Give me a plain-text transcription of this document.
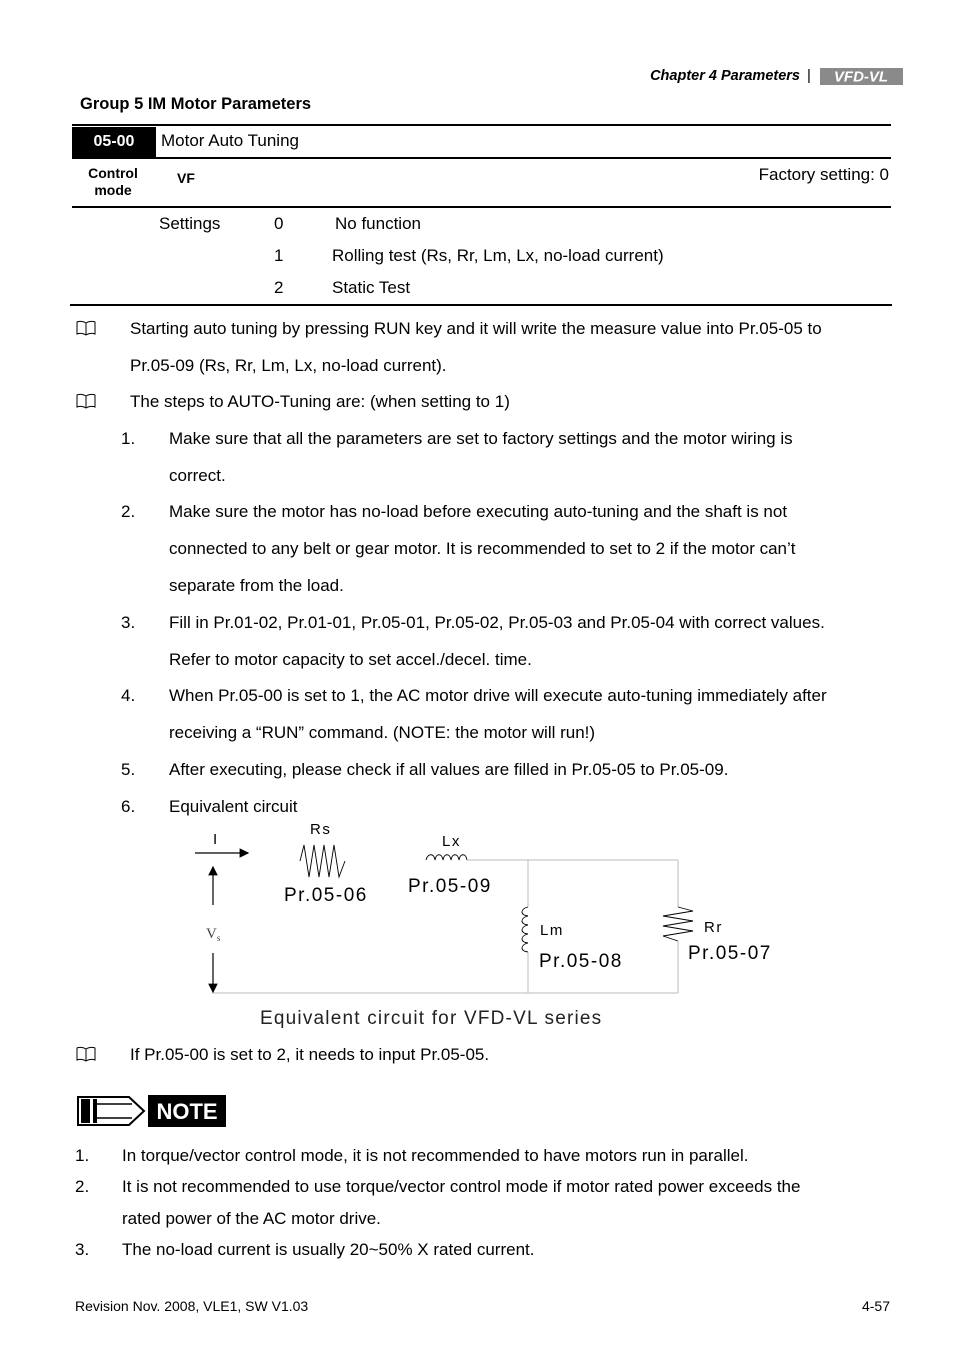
Chapter 4 Parameters | VFD-VL
Group 5 IM Motor Parameters
05-00	Motor Auto Tuning
Control
mode
VF	Factory setting: 0
Settings	0	No function
1	Rolling test (Rs, Rr, Lm, Lx, no-load current)
2	Static Test
Starting auto tuning by pressing RUN key and it will write the measure value into Pr.05-05 to
Pr.05-09 (Rs, Rr, Lm, Lx, no-load current).
The steps to AUTO-Tuning are: (when setting to 1)
1. Make sure that all the parameters are set to factory settings and the motor wiring is
correct.
2. Make sure the motor has no-load before executing auto-tuning and the shaft is not
connected to any belt or gear motor. It is recommended to set to 2 if the motor can’t
separate from the load.
3. Fill in Pr.01-02, Pr.01-01, Pr.05-01, Pr.05-02, Pr.05-03 and Pr.05-04 with correct values.
Refer to motor capacity to set accel./decel. time.
4. When Pr.05-00 is set to 1, the AC motor drive will execute auto-tuning immediately after
receiving a “RUN” command. (NOTE: the motor will run!)
5. After executing, please check if all values are filled in Pr.05-05 to Pr.05-09.
6. Equivalent circuit
I
Rs
Pr.05-06
Lx
Pr.05-09
Lm
Pr.05-08
Rr
Pr.05-07
$V_s$
Equivalent circuit for VFD-VL series
If Pr.05-00 is set to 2, it needs to input Pr.05-05.
NOTE
1. In torque/vector control mode, it is not recommended to have motors run in parallel.
2. It is not recommended to use torque/vector control mode if motor rated power exceeds the
rated power of the AC motor drive.
3. The no-load current is usually 20~50% X rated current.
Revision Nov. 2008, VLE1, SW V1.03	4-57
